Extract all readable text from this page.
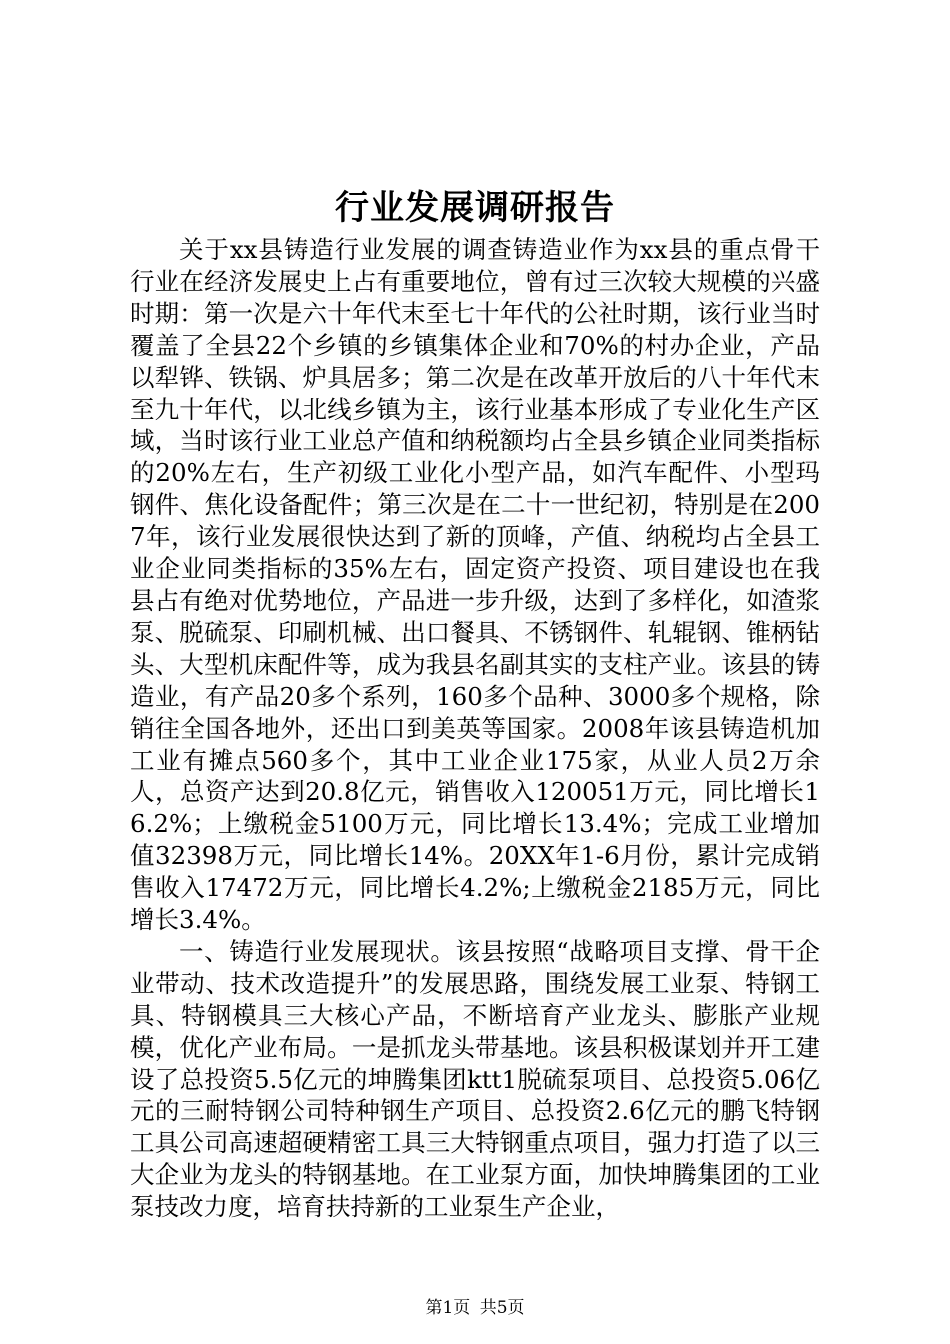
行业发展调研报告

关于xx县铸造行业发展的调查铸造业作为xx县的重点骨干行业在经济发展史上占有重要地位，曾有过三次较大规模的兴盛时期：第一次是六十年代末至七十年代的公社时期，该行业当时覆盖了全县22个乡镇的乡镇集体企业和70%的村办企业，产品以犁铧、铁锅、炉具居多；第二次是在改革开放后的八十年代末至九十年代，以北线乡镇为主，该行业基本形成了专业化生产区域，当时该行业工业总产值和纳税额均占全县乡镇企业同类指标的20%左右，生产初级工业化小型产品，如汽车配件、小型玛钢件、焦化设备配件；第三次是在二十一世纪初，特别是在2007年，该行业发展很快达到了新的顶峰，产值、纳税均占全县工业企业同类指标的35%左右，固定资产投资、项目建设也在我县占有绝对优势地位，产品进一步升级，达到了多样化，如渣浆泵、脱硫泵、印刷机械、出口餐具、不锈钢件、轧辊钢、锥柄钻头、大型机床配件等，成为我县名副其实的支柱产业。该县的铸造业，有产品20多个系列，160多个品种、3000多个规格，除销往全国各地外，还出口到美英等国家。2008年该县铸造机加工业有摊点560多个，其中工业企业175家，从业人员2万余人，总资产达到20.8亿元，销售收入120051万元，同比增长16.2%；上缴税金5100万元，同比增长13.4%；完成工业增加值32398万元，同比增长14%。20XX年1-6月份，累计完成销售收入17472万元，同比增长4.2%;上缴税金2185万元，同比增长3.4%。

一、铸造行业发展现状。该县按照“战略项目支撑、骨干企业带动、技术改造提升”的发展思路，围绕发展工业泵、特钢工具、特钢模具三大核心产品，不断培育产业龙头、膨胀产业规模，优化产业布局。一是抓龙头带基地。该县积极谋划并开工建设了总投资5.5亿元的坤腾集团ktt1脱硫泵项目、总投资5.06亿元的三耐特钢公司特种钢生产项目、总投资2.6亿元的鹏飞特钢工具公司高速超硬精密工具三大特钢重点项目，强力打造了以三大企业为龙头的特钢基地。在工业泵方面，加快坤腾集团的工业泵技改力度，培育扶持新的工业泵生产企业，

第1页 共5页
